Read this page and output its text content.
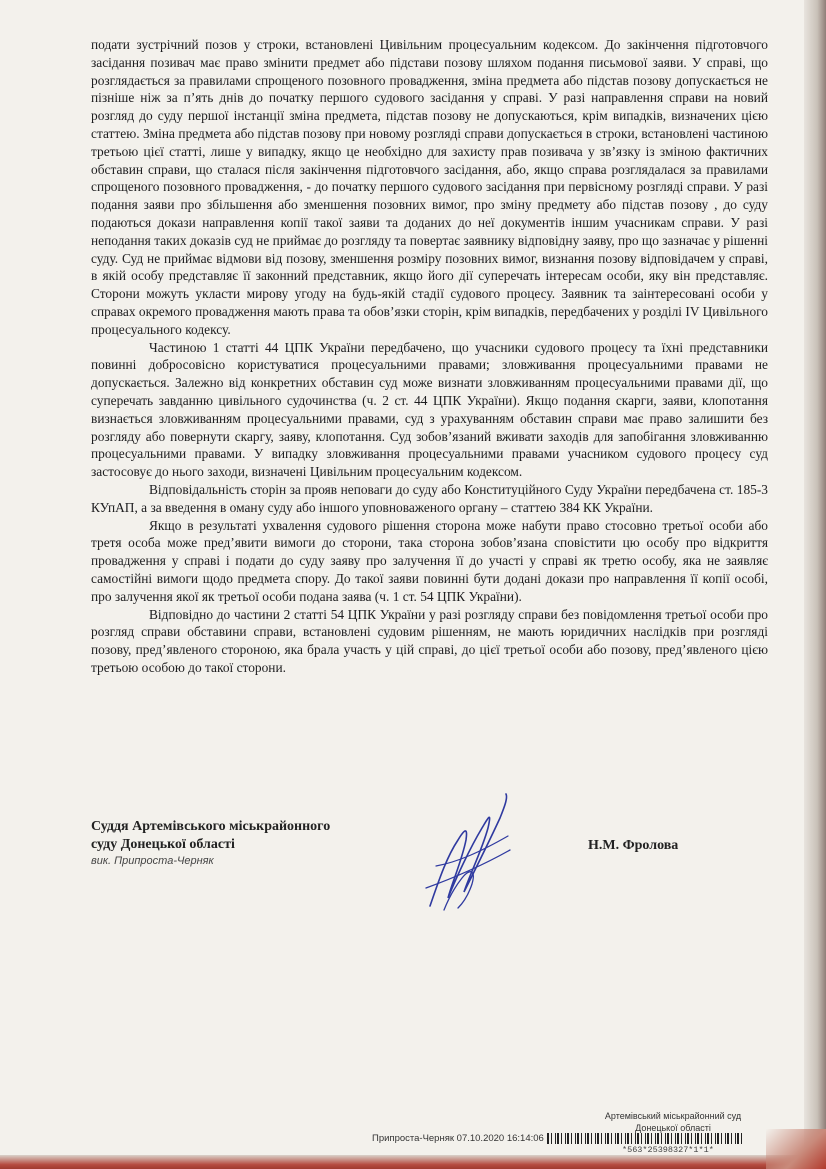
подати зустрічний позов у строки, встановлені Цивільним процесуальним кодексом. До закінчення підготовчого засідання позивач має право змінити предмет або підстави позову шляхом подання письмової заяви. У справі, що розглядається за правилами спрощеного позовного провадження, зміна предмета або підстав позову допускається не пізніше ніж за п’ять днів до початку першого судового засідання у справі. У разі направлення справи на новий розгляд до суду першої інстанції зміна предмета, підстав позову не допускаються, крім випадків, визначених цією статтею. Зміна предмета або підстав позову при новому розгляді справи допускається в строки, встановлені частиною третьою цієї статті, лише у випадку, якщо це необхідно для захисту прав позивача у зв’язку із зміною фактичних обставин справи, що сталася після закінчення підготовчого засідання, або, якщо справа розглядалася за правилами спрощеного позовного провадження, - до початку першого судового засідання при первісному розгляді справи. У разі подання заяви про збільшення або зменшення позовних вимог, про зміну предмету або підстав позову , до суду подаються докази направлення копії такої заяви та доданих до неї документів іншим учасникам справи. У разі неподання таких доказів суд не приймає до розгляду та повертає заявнику відповідну заяву, про що зазначає у рішенні суду. Суд не приймає відмови від позову, зменшення розміру позовних вимог, визнання позову відповідачем у справі, в якій особу представляє її законний представник, якщо його дії суперечать інтересам особи, яку він представляє. Сторони можуть укласти мирову угоду на будь-якій стадії судового процесу. Заявник та заінтересовані особи у справах окремого провадження мають права та обов’язки сторін, крім випадків, передбачених у розділі IV Цивільного процесуального кодексу.

Частиною 1 статті 44 ЦПК України передбачено, що учасники судового процесу та їхні представники повинні добросовісно користуватися процесуальними правами; зловживання процесуальними правами не допускається. Залежно від конкретних обставин суд може визнати зловживанням процесуальними правами дії, що суперечать завданню цивільного судочинства (ч. 2 ст. 44 ЦПК України). Якщо подання скарги, заяви, клопотання визнається зловживанням процесуальними правами, суд з урахуванням обставин справи має право залишити без розгляду або повернути скаргу, заяву, клопотання. Суд зобов’язаний вживати заходів для запобігання зловживанню процесуальними правами. У випадку зловживання процесуальними правами учасником судового процесу суд застосовує до нього заходи, визначені Цивільним процесуальним кодексом.

Відповідальність сторін за прояв неповаги до суду або Конституційного Суду України передбачена ст. 185-3 КУпАП, а за введення в оману суду або іншого уповноваженого органу – статтею 384 КК України.

Якщо в результаті ухвалення судового рішення сторона може набути право стосовно третьої особи або третя особа може пред’явити вимоги до сторони, така сторона зобов’язана сповістити цю особу про відкриття провадження у справі і подати до суду заяву про залучення її до участі у справі як третю особу, яка не заявляє самостійні вимоги щодо предмета спору. До такої заяви повинні бути додані докази про направлення її копії особі, про залучення якої як третьої особи подана заява (ч. 1 ст. 54 ЦПК України).

Відповідно до частини 2 статті 54 ЦПК України у разі розгляду справи без повідомлення третьої особи про розгляд справи обставини справи, встановлені судовим рішенням, не мають юридичних наслідків при розгляді позову, пред’явленого стороною, яка брала участь у цій справі, до цієї третьої особи або позову, пред’явленого цією третьою особою до такої сторони.

Суддя Артемівського міськрайонного
суду Донецької області
вик. Припроста-Черняк
Н.М. Фролова
Артемівський міськрайонний суд
Донецької області
Припроста-Черняк 07.10.2020 16:14:06
*563*25398327*1*1*
